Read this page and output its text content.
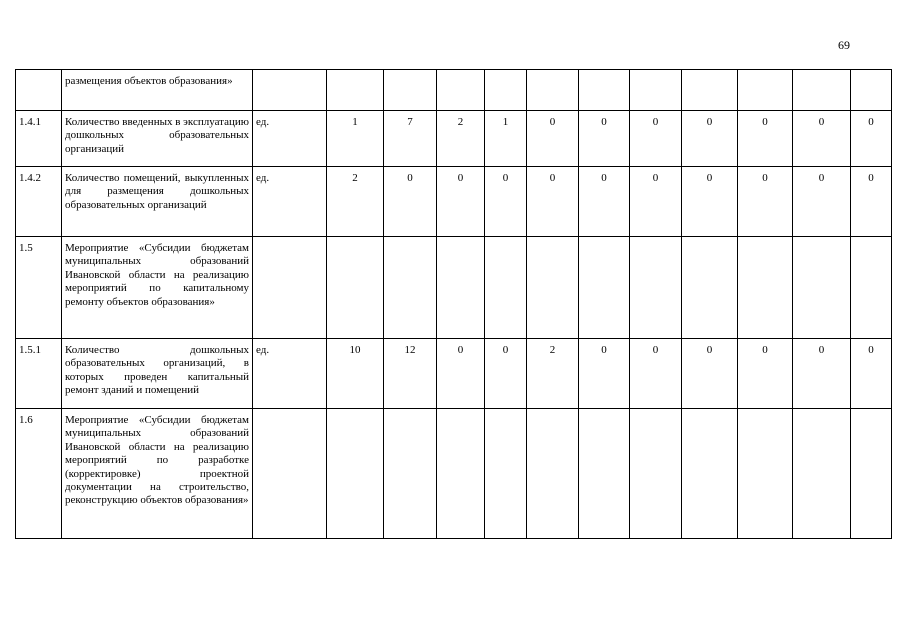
69

	размещения объектов образования»												

1.4.1	Количество введенных в эксплуатацию дошкольных образовательных организаций	ед.	1	7	2	1	0	0	0	0	0	0	0
1.4.2	Количество помещений, выкупленных для размещения дошкольных образовательных организаций	ед.	2	0	0	0	0	0	0	0	0	0	0
1.5	Мероприятие «Субсидии бюджетам муниципальных образований Ивановской области на реализацию мероприятий по капитальному ремонту объектов образования»												

1.5.1	Количество дошкольных образовательных организаций, в которых проведен капитальный ремонт зданий и помещений	ед.	10	12	0	0	2	0	0	0	0	0	0
1.6	Мероприятие «Субсидии бюджетам муниципальных образований Ивановской области на реализацию мероприятий по разработке (корректировке) проектной документации на строительство, реконструкцию объектов образования»												
